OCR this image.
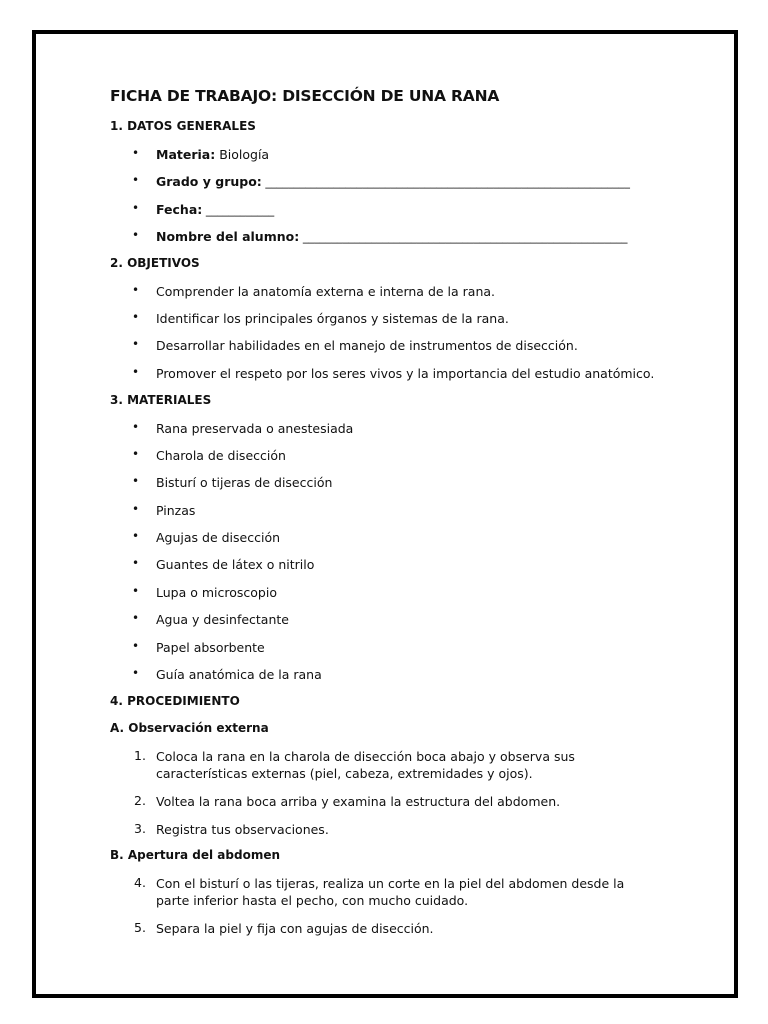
FICHA DE TRABAJO: DISECCIÓN DE UNA RANA
1. DATOS GENERALES
• Materia: Biología
• Grado y grupo: ________________________________________________________________
• Fecha: ____________
• Nombre del alumno: _________________________________________________________
2. OBJETIVOS
• Comprender la anatomía externa e interna de la rana.
• Identificar los principales órganos y sistemas de la rana.
• Desarrollar habilidades en el manejo de instrumentos de disección.
• Promover el respeto por los seres vivos y la importancia del estudio anatómico.
3. MATERIALES
• Rana preservada o anestesiada
• Charola de disección
• Bisturí o tijeras de disección
• Pinzas
• Agujas de disección
• Guantes de látex o nitrilo
• Lupa o microscopio
• Agua y desinfectante
• Papel absorbente
• Guía anatómica de la rana
4. PROCEDIMIENTO
A. Observación externa
1. Coloca la rana en la charola de disección boca abajo y observa sus características externas (piel, cabeza, extremidades y ojos).
2. Voltea la rana boca arriba y examina la estructura del abdomen.
3. Registra tus observaciones.
B. Apertura del abdomen
4. Con el bisturí o las tijeras, realiza un corte en la piel del abdomen desde la parte inferior hasta el pecho, con mucho cuidado.
5. Separa la piel y fija con agujas de disección.
